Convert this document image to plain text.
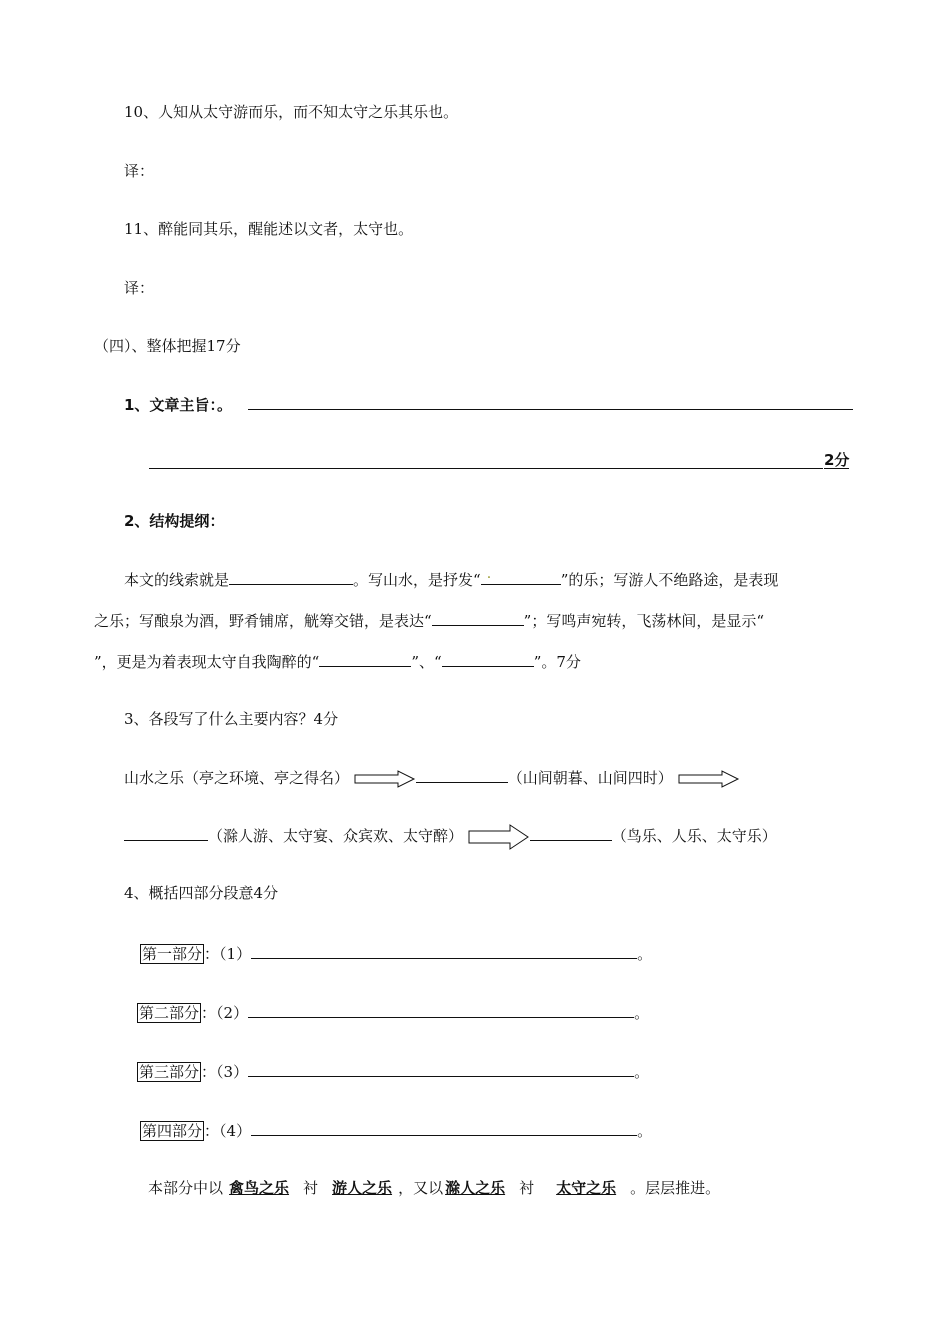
10、人知从太守游而乐，而不知太守之乐其乐也。
译：
11、醉能同其乐，醒能述以文者，太守也。
译：
（四）、整体把握17分
1、文章主旨：。
2分
2、结构提纲：
本文的线索就是	。写山水，是抒发“ .	”的乐；写游人不绝路途，是表现
之乐；写酿泉为酒，野肴铺席，觥筹交错，是表达“	”；写鸣声宛转，飞荡林间，是显示“
”，更是为着表现太守自我陶醉的“	”、“	”。7分
3、各段写了什么主要内容？4分
山水之乐（亭之环境、亭之得名）	（山间朝暮、山间四时）
（滁人游、太守宴、众宾欢、太守醉）	（鸟乐、人乐、太守乐）
4、概括四部分段意4分
第一部分 ：（1）	。
第二部分 ：（2）	。
第三部分 ：（3）	。
第四部分 ：（4）	。
本部分中以 禽鸟之乐 衬 游人之乐 ，又以 滁人之乐 衬 太守之乐 。层层推进。
